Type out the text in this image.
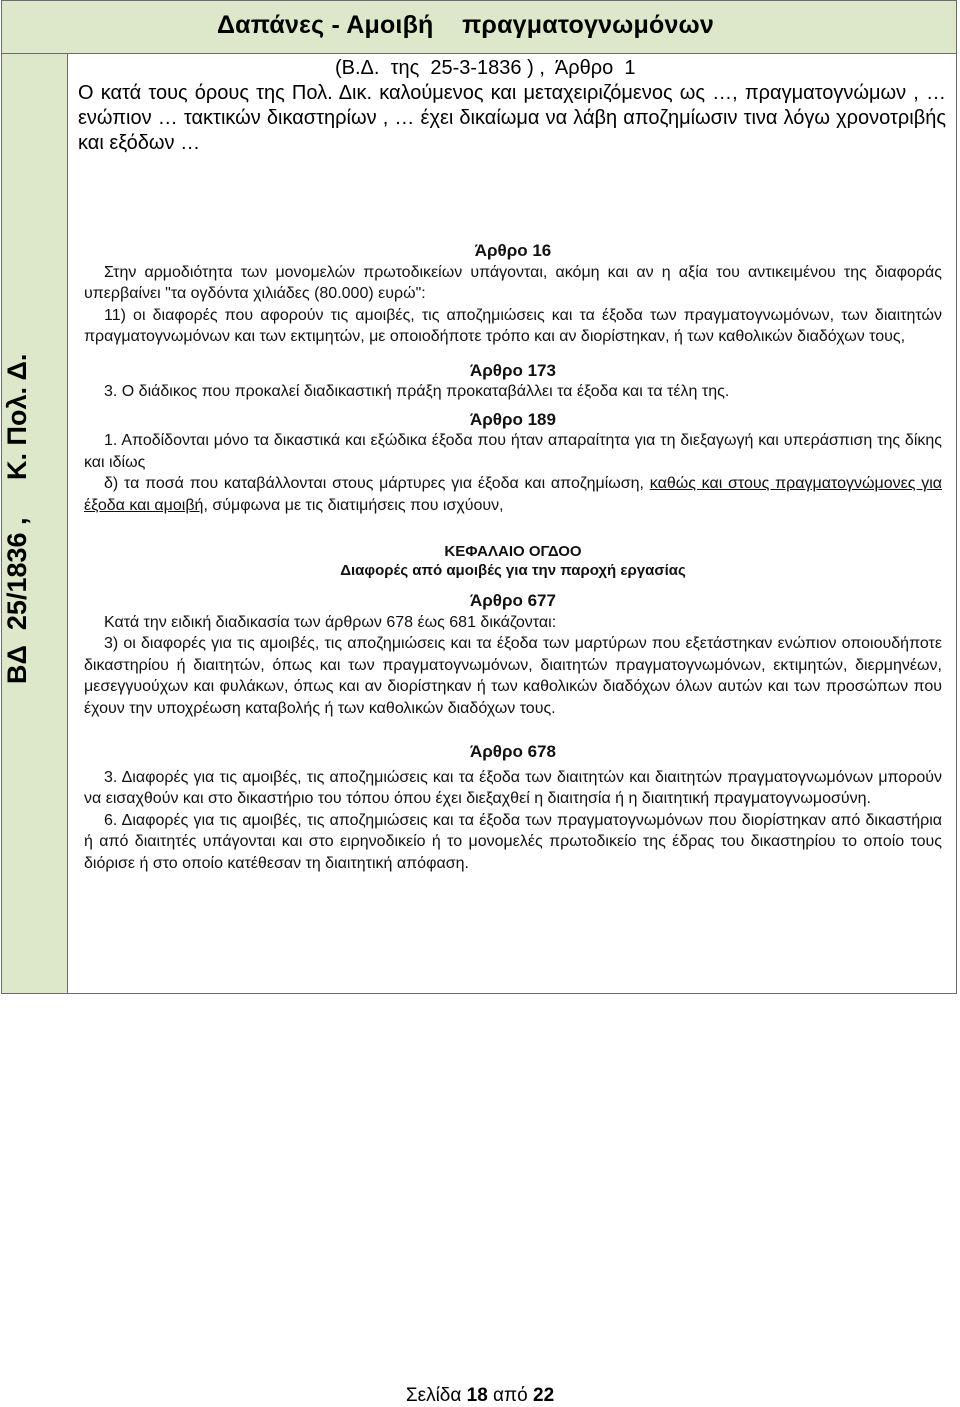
Δαπάνες - Αμοιβή    πραγματογνωμόνων
ΒΔ  25/1836 ,     Κ. Πολ. Δ.
(Β.Δ.  της  25-3-1836 ) ,  Άρθρο  1

Ο κατά τους όρους της Πολ. Δικ. καλούμενος και μεταχειριζόμενος ως …, πραγματογνώμων , … ενώπιον … τακτικών δικαστηρίων , … έχει δικαίωμα να λάβη αποζημίωσιν τινα λόγω χρονοτριβής και εξόδων …

Άρθρο 16

Στην αρμοδιότητα των μονομελών πρωτοδικείων υπάγονται, ακόμη και αν η αξία του αντικειμένου της διαφοράς υπερβαίνει "τα ογδόντα χιλιάδες (80.000) ευρώ":

11) οι διαφορές που αφορούν τις αμοιβές, τις αποζημιώσεις και τα έξοδα των πραγματογνωμόνων, των διαιτητών πραγματογνωμόνων και των εκτιμητών, με οποιοδήποτε τρόπο και αν διορίστηκαν, ή των καθολικών διαδόχων τους,

Άρθρο 173

3. Ο διάδικος που προκαλεί διαδικαστική πράξη προκαταβάλλει τα έξοδα και τα τέλη της.

Άρθρο 189

1. Αποδίδονται μόνο τα δικαστικά και εξώδικα έξοδα που ήταν απαραίτητα για τη διεξαγωγή και υπεράσπιση της δίκης και ιδίως

δ) τα ποσά που καταβάλλονται στους μάρτυρες για έξοδα και αποζημίωση, καθώς και στους πραγματογνώμονες για έξοδα και αμοιβή, σύμφωνα με τις διατιμήσεις που ισχύουν,

ΚΕΦΑΛΑΙΟ ΟΓΔΟΟ

Διαφορές από αμοιβές για την παροχή εργασίας

Άρθρο 677

Κατά την ειδική διαδικασία των άρθρων 678 έως 681 δικάζονται:

3) οι διαφορές για τις αμοιβές, τις αποζημιώσεις και τα έξοδα των μαρτύρων που εξετάστηκαν ενώπιον οποιουδήποτε δικαστηρίου ή διαιτητών, όπως και των πραγματογνωμόνων, διαιτητών πραγματογνωμόνων, εκτιμητών, διερμηνέων, μεσεγγυούχων και φυλάκων, όπως και αν διορίστηκαν ή των καθολικών διαδόχων όλων αυτών και των προσώπων που έχουν την υποχρέωση καταβολής ή των καθολικών διαδόχων τους.

Άρθρο 678

3. Διαφορές για τις αμοιβές, τις αποζημιώσεις και τα έξοδα των διαιτητών και διαιτητών πραγματογνωμόνων μπορούν να εισαχθούν και στο δικαστήριο του τόπου όπου έχει διεξαχθεί η διαιτησία ή η διαιτητική πραγματογνωμοσύνη.

6. Διαφορές για τις αμοιβές, τις αποζημιώσεις και τα έξοδα των πραγματογνωμόνων που διορίστηκαν από δικαστήρια ή από διαιτητές υπάγονται και στο ειρηνοδικείο ή το μονομελές πρωτοδικείο της έδρας του δικαστηρίου το οποίο τους διόρισε ή στο οποίο κατέθεσαν τη διαιτητική απόφαση.

Σελίδα 18 από 22
